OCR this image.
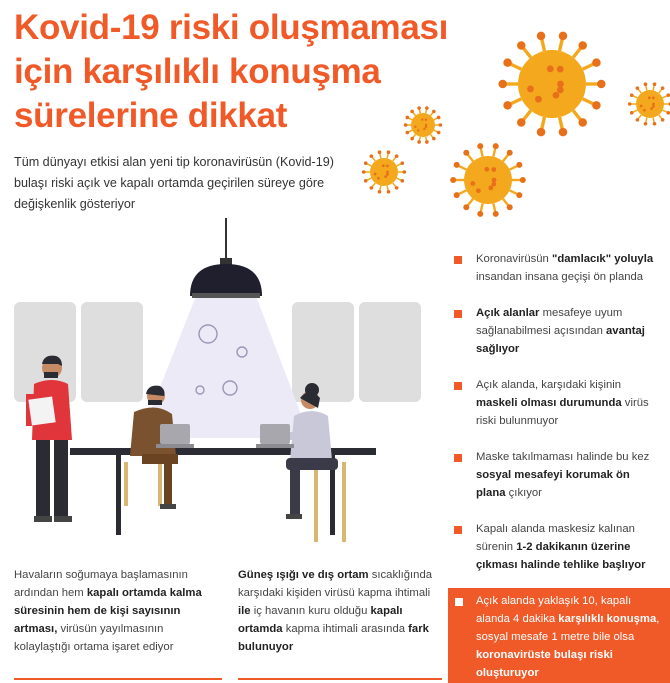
Kovid-19 riski oluşmaması
için karşılıklı konuşma
sürelerine dikkat
Tüm dünyayı etkisi alan yeni tip koronavirüsün (Kovid-19) bulaşı riski açık ve kapalı ortamda geçirilen süreye göre değişkenlik gösteriyor
Koronavirüsün "damlacık" yoluyla insandan insana geçişi ön planda
Açık alanlar mesafeye uyum sağlanabilmesi açısından avantaj sağlıyor
Açık alanda, karşıdaki kişinin maskeli olması durumunda virüs riski bulunmuyor
Maske takılmaması halinde bu kez sosyal mesafeyi korumak ön plana çıkıyor
Kapalı alanda maskesiz kalınan sürenin 1-2 dakikanın üzerine çıkması halinde tehlike başlıyor
Açık alanda yaklaşık 10, kapalı alanda 4 dakika karşılıklı konuşma, sosyal mesafe 1 metre bile olsa koronavirüste bulaşı riski oluşturuyor
Havaların soğumaya başlamasının ardından hem kapalı ortamda kalma süresinin hem de kişi sayısının artması, virüsün yayılmasının kolaylaştığı ortama işaret ediyor
Güneş ışığı ve dış ortam sıcaklığında karşıdaki kişiden virüsü kapma ihtimali ile iç havanın kuru olduğu kapalı ortamda kapma ihtimali arasında fark bulunuyor
